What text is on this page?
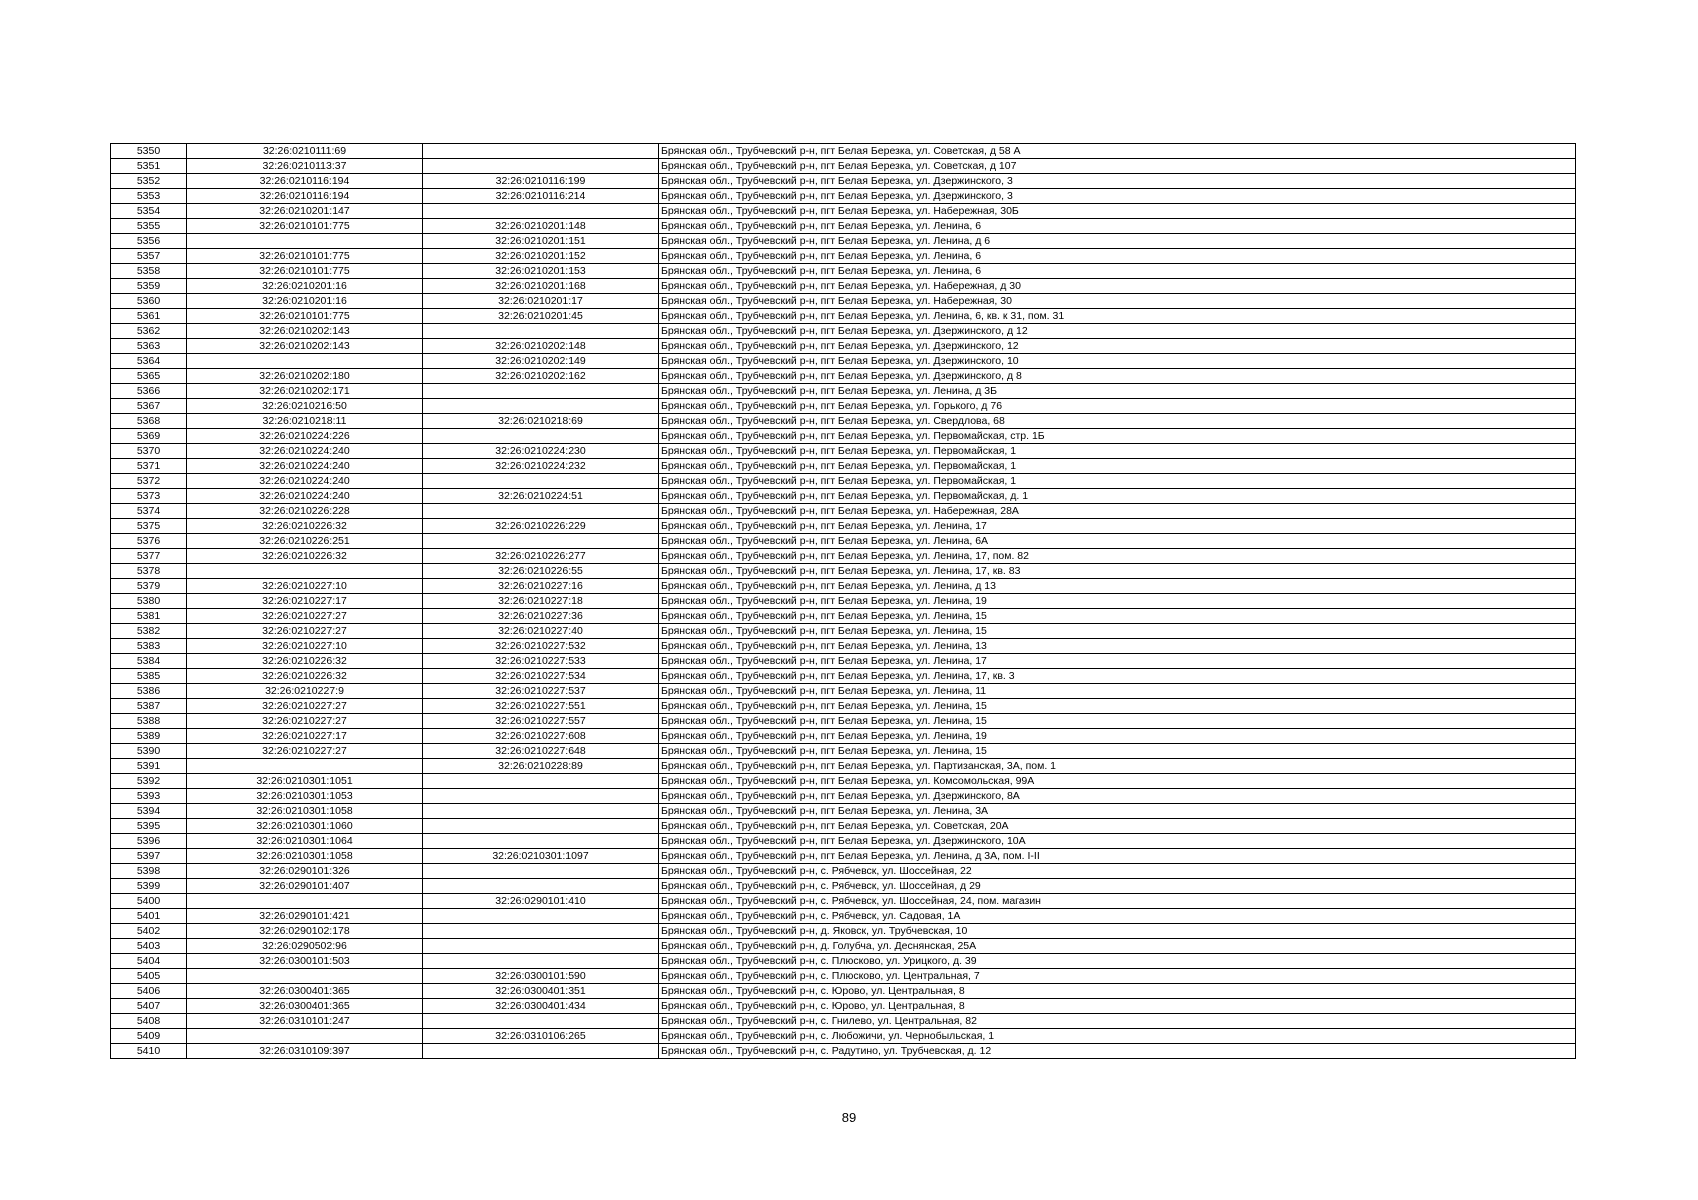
5350	32:26:0210111:69		Брянская обл., Трубчевский р-н, пгт Белая Березка, ул. Советская, д 58 А
5351	32:26:0210113:37		Брянская обл., Трубчевский р-н, пгт Белая Березка, ул. Советская, д 107
5352	32:26:0210116:194	32:26:0210116:199	Брянская обл., Трубчевский р-н, пгт Белая Березка, ул. Дзержинского, 3
5353	32:26:0210116:194	32:26:0210116:214	Брянская обл., Трубчевский р-н, пгт Белая Березка, ул. Дзержинского, 3
5354	32:26:0210201:147		Брянская обл., Трубчевский р-н, пгт Белая Березка, ул. Набережная, 30Б
5355	32:26:0210101:775	32:26:0210201:148	Брянская обл., Трубчевский р-н, пгт Белая Березка, ул. Ленина, 6
5356		32:26:0210201:151	Брянская обл., Трубчевский р-н, пгт Белая Березка, ул. Ленина, д 6
5357	32:26:0210101:775	32:26:0210201:152	Брянская обл., Трубчевский р-н, пгт Белая Березка, ул. Ленина, 6
5358	32:26:0210101:775	32:26:0210201:153	Брянская обл., Трубчевский р-н, пгт Белая Березка, ул. Ленина, 6
5359	32:26:0210201:16	32:26:0210201:168	Брянская обл., Трубчевский р-н, пгт Белая Березка, ул. Набережная, д 30
5360	32:26:0210201:16	32:26:0210201:17	Брянская обл., Трубчевский р-н, пгт Белая Березка, ул. Набережная, 30
5361	32:26:0210101:775	32:26:0210201:45	Брянская обл., Трубчевский р-н, пгт Белая Березка, ул. Ленина, 6, кв. к 31, пом. 31
5362	32:26:0210202:143		Брянская обл., Трубчевский р-н, пгт Белая Березка, ул. Дзержинского, д 12
5363	32:26:0210202:143	32:26:0210202:148	Брянская обл., Трубчевский р-н, пгт Белая Березка, ул. Дзержинского, 12
5364		32:26:0210202:149	Брянская обл., Трубчевский р-н, пгт Белая Березка, ул. Дзержинского, 10
5365	32:26:0210202:180	32:26:0210202:162	Брянская обл., Трубчевский р-н, пгт Белая Березка, ул. Дзержинского, д 8
5366	32:26:0210202:171		Брянская обл., Трубчевский р-н, пгт Белая Березка, ул. Ленина, д 3Б
5367	32:26:0210216:50		Брянская обл., Трубчевский р-н, пгт Белая Березка, ул. Горького, д 76
5368	32:26:0210218:11	32:26:0210218:69	Брянская обл., Трубчевский р-н, пгт Белая Березка, ул. Свердлова, 68
5369	32:26:0210224:226		Брянская обл., Трубчевский р-н, пгт Белая Березка, ул. Первомайская, стр. 1Б
5370	32:26:0210224:240	32:26:0210224:230	Брянская обл., Трубчевский р-н, пгт Белая Березка, ул. Первомайская, 1
5371	32:26:0210224:240	32:26:0210224:232	Брянская обл., Трубчевский р-н, пгт Белая Березка, ул. Первомайская, 1
5372	32:26:0210224:240		Брянская обл., Трубчевский р-н, пгт Белая Березка, ул. Первомайская, 1
5373	32:26:0210224:240	32:26:0210224:51	Брянская обл., Трубчевский р-н, пгт Белая Березка, ул. Первомайская, д. 1
5374	32:26:0210226:228		Брянская обл., Трубчевский р-н, пгт Белая Березка, ул. Набережная, 28А
5375	32:26:0210226:32	32:26:0210226:229	Брянская обл., Трубчевский р-н, пгт Белая Березка, ул. Ленина, 17
5376	32:26:0210226:251		Брянская обл., Трубчевский р-н, пгт Белая Березка, ул. Ленина, 6А
5377	32:26:0210226:32	32:26:0210226:277	Брянская обл., Трубчевский р-н, пгт Белая Березка, ул. Ленина, 17, пом. 82
5378		32:26:0210226:55	Брянская обл., Трубчевский р-н, пгт Белая Березка, ул. Ленина, 17, кв. 83
5379	32:26:0210227:10	32:26:0210227:16	Брянская обл., Трубчевский р-н, пгт Белая Березка, ул. Ленина, д 13
5380	32:26:0210227:17	32:26:0210227:18	Брянская обл., Трубчевский р-н, пгт Белая Березка, ул. Ленина, 19
5381	32:26:0210227:27	32:26:0210227:36	Брянская обл., Трубчевский р-н, пгт Белая Березка, ул. Ленина, 15
5382	32:26:0210227:27	32:26:0210227:40	Брянская обл., Трубчевский р-н, пгт Белая Березка, ул. Ленина, 15
5383	32:26:0210227:10	32:26:0210227:532	Брянская обл., Трубчевский р-н, пгт Белая Березка, ул. Ленина, 13
5384	32:26:0210226:32	32:26:0210227:533	Брянская обл., Трубчевский р-н, пгт Белая Березка, ул. Ленина, 17
5385	32:26:0210226:32	32:26:0210227:534	Брянская обл., Трубчевский р-н, пгт Белая Березка, ул. Ленина, 17, кв. 3
5386	32:26:0210227:9	32:26:0210227:537	Брянская обл., Трубчевский р-н, пгт Белая Березка, ул. Ленина, 11
5387	32:26:0210227:27	32:26:0210227:551	Брянская обл., Трубчевский р-н, пгт Белая Березка, ул. Ленина, 15
5388	32:26:0210227:27	32:26:0210227:557	Брянская обл., Трубчевский р-н, пгт Белая Березка, ул. Ленина, 15
5389	32:26:0210227:17	32:26:0210227:608	Брянская обл., Трубчевский р-н, пгт Белая Березка, ул. Ленина, 19
5390	32:26:0210227:27	32:26:0210227:648	Брянская обл., Трубчевский р-н, пгт Белая Березка, ул. Ленина, 15
5391		32:26:0210228:89	Брянская обл., Трубчевский р-н, пгт Белая Березка, ул. Партизанская, 3А, пом. 1
5392	32:26:0210301:1051		Брянская обл., Трубчевский р-н, пгт Белая Березка, ул. Комсомольская, 99А
5393	32:26:0210301:1053		Брянская обл., Трубчевский р-н, пгт Белая Березка, ул. Дзержинского, 8А
5394	32:26:0210301:1058		Брянская обл., Трубчевский р-н, пгт Белая Березка, ул. Ленина, 3А
5395	32:26:0210301:1060		Брянская обл., Трубчевский р-н, пгт Белая Березка, ул. Советская, 20А
5396	32:26:0210301:1064		Брянская обл., Трубчевский р-н, пгт Белая Березка, ул. Дзержинского, 10А
5397	32:26:0210301:1058	32:26:0210301:1097	Брянская обл., Трубчевский р-н, пгт Белая Березка, ул. Ленина, д 3А, пом. I-II
5398	32:26:0290101:326		Брянская обл., Трубчевский р-н, с. Рябчевск, ул. Шоссейная, 22
5399	32:26:0290101:407		Брянская обл., Трубчевский р-н, с. Рябчевск, ул. Шоссейная, д 29
5400		32:26:0290101:410	Брянская обл., Трубчевский р-н, с. Рябчевск, ул. Шоссейная, 24, пом. магазин
5401	32:26:0290101:421		Брянская обл., Трубчевский р-н, с. Рябчевск, ул. Садовая, 1А
5402	32:26:0290102:178		Брянская обл., Трубчевский р-н, д. Яковск, ул. Трубчевская, 10
5403	32:26:0290502:96		Брянская обл., Трубчевский р-н, д. Голубча, ул. Деснянская, 25А
5404	32:26:0300101:503		Брянская обл., Трубчевский р-н, с. Плюсково, ул. Урицкого, д. 39
5405		32:26:0300101:590	Брянская обл., Трубчевский р-н, с. Плюсково, ул. Центральная, 7
5406	32:26:0300401:365	32:26:0300401:351	Брянская обл., Трубчевский р-н, с. Юрово, ул. Центральная, 8
5407	32:26:0300401:365	32:26:0300401:434	Брянская обл., Трубчевский р-н, с. Юрово, ул. Центральная, 8
5408	32:26:0310101:247		Брянская обл., Трубчевский р-н, с. Гнилево, ул. Центральная, 82
5409		32:26:0310106:265	Брянская обл., Трубчевский р-н, с. Любожичи, ул. Чернобыльская, 1
5410	32:26:0310109:397		Брянская обл., Трубчевский р-н, с. Радутино, ул. Трубчевская, д. 12
89
